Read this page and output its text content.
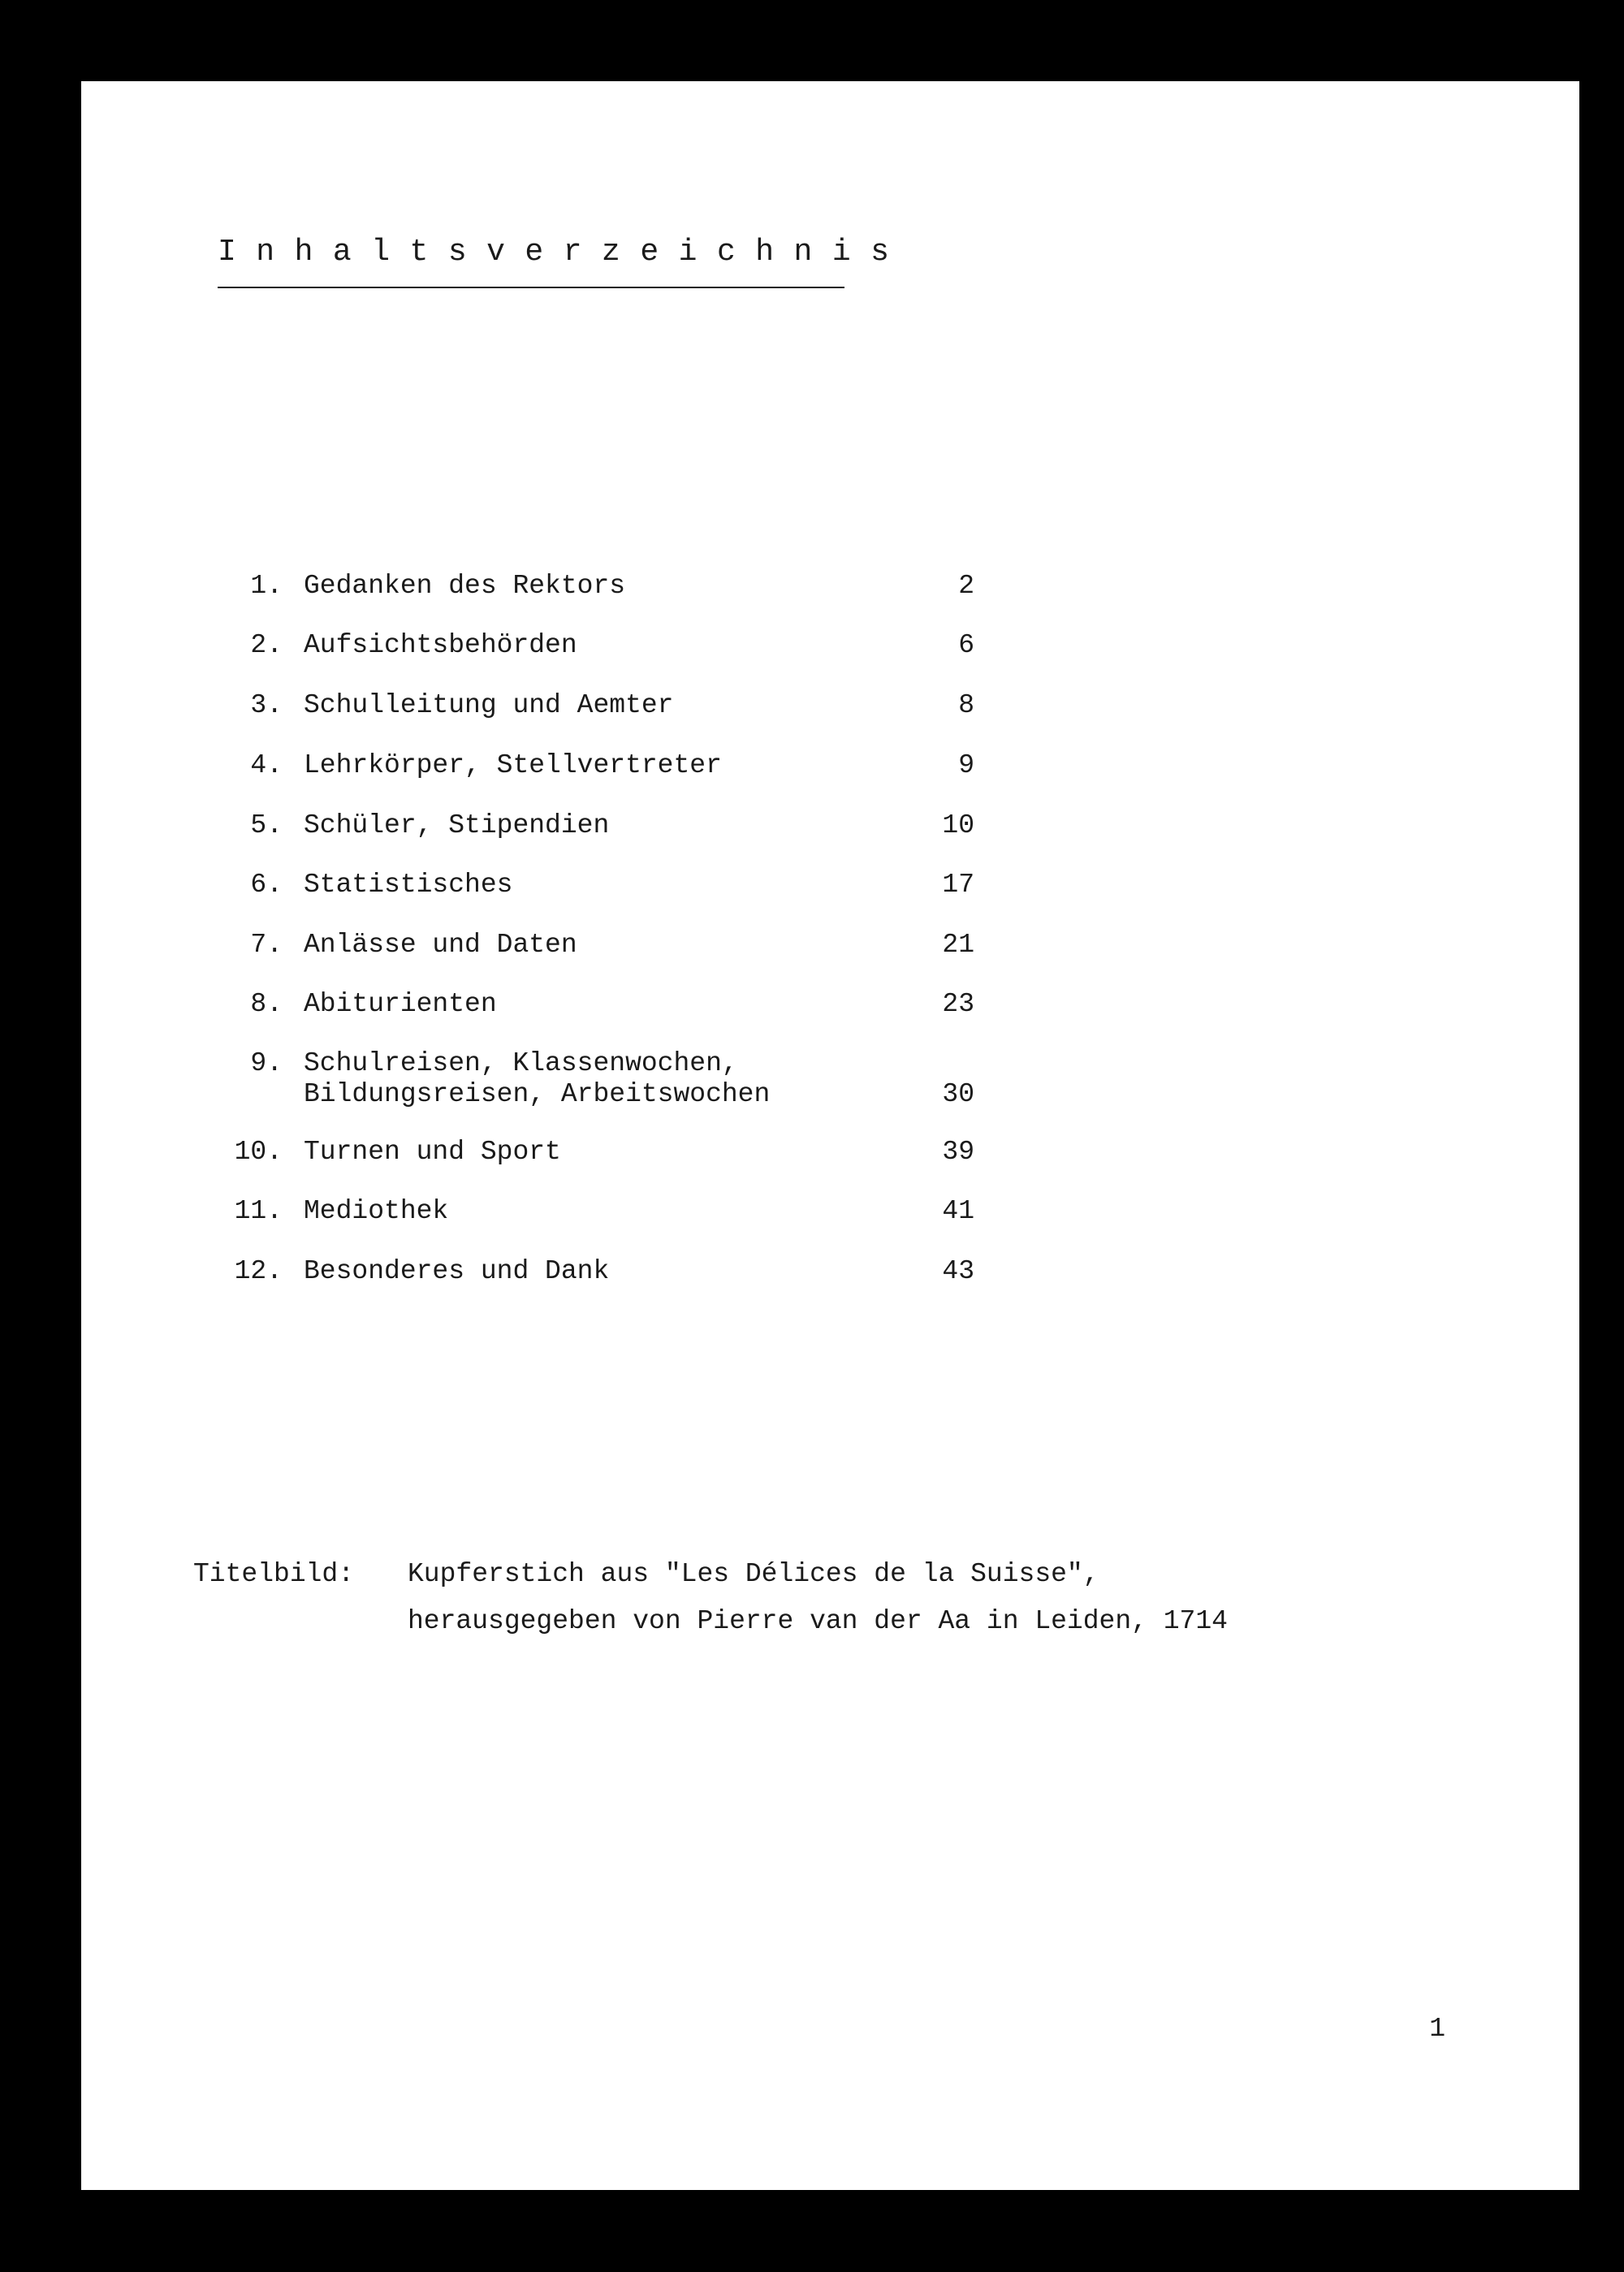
Inhaltsverzeichnis
1. Gedanken des Rektors	2
2. Aufsichtsbehörden	6
3. Schulleitung und Aemter	8
4. Lehrkörper, Stellvertreter	9
5. Schüler, Stipendien	10
6. Statistisches	17
7. Anlässe und Daten	21
8. Abiturienten	23
9. Schulreisen, Klassenwochen,
Bildungsreisen, Arbeitswochen	30
10. Turnen und Sport	39
11. Mediothek	41
12. Besonderes und Dank	43
Titelbild: Kupferstich aus "Les Délices de la Suisse",
herausgegeben von Pierre van der Aa in Leiden, 1714
1
